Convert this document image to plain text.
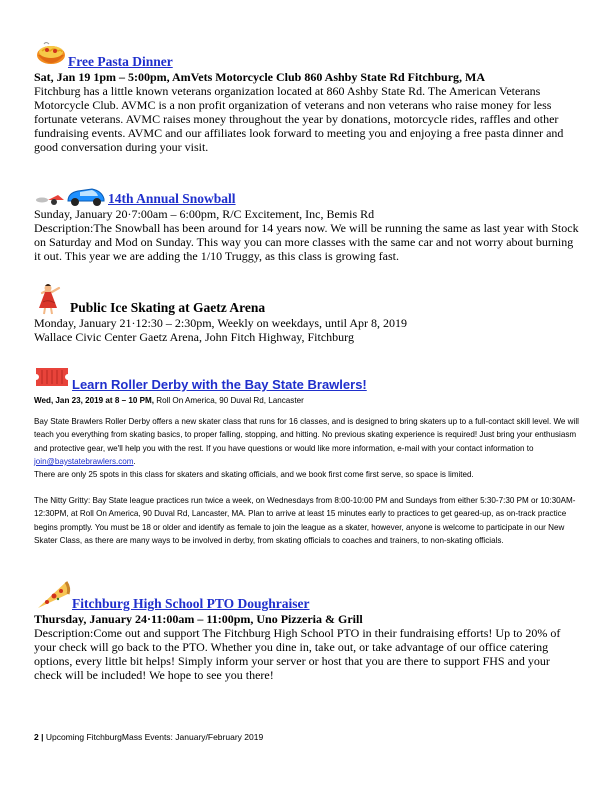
Free Pasta Dinner

Sat, Jan 19 1pm – 5:00pm, AmVets Motorcycle Club 860 Ashby State Rd Fitchburg, MA

Fitchburg has a little known veterans organization located at 860 Ashby State Rd. The American Veterans Motorcycle Club. AVMC is a non profit organization of veterans and non veterans who raise money for less fortunate veterans. AVMC raises money throughout the year by donations, motorcycle rides, raffles and other fundraising events. AVMC and our affiliates look forward to meeting you and enjoying a free pasta dinner and good conversation during your visit.

14th Annual Snowball

Sunday, January 20·7:00am – 6:00pm, R/C Excitement, Inc, Bemis Rd

Description:The Snowball has been around for 14 years now. We will be running the same as last year with Stock on Saturday and Mod on Sunday. This way you can more classes with the same car and not worry about burning it out. This year we are adding the 1/10 Truggy, as this class is growing fast.

Public Ice Skating at Gaetz Arena

Monday, January 21·12:30 – 2:30pm, Weekly on weekdays, until Apr 8, 2019

Wallace Civic Center Gaetz Arena, John Fitch Highway, Fitchburg

Learn Roller Derby with the Bay State Brawlers!

Wed, Jan 23, 2019 at 8 – 10 PM, Roll On America, 90 Duval Rd, Lancaster

Bay State Brawlers Roller Derby offers a new skater class that runs for 16 classes, and is designed to bring skaters up to a full-contact skill level. We will teach you everything from skating basics, to proper falling, stopping, and hitting. No previous skating experience is required! Just bring your enthusiasm and protective gear, we'll help you with the rest. If you have questions or would like more information, e-mail with your contact information to join@baystatebrawlers.com.

There are only 25 spots in this class for skaters and skating officials, and we book first come first serve, so space is limited.

The Nitty Gritty: Bay State league practices run twice a week, on Wednesdays from 8:00-10:00 PM and Sundays from either 5:30-7:30 PM or 10:30AM-12:30PM, at Roll On America, 90 Duval Rd, Lancaster, MA. Plan to arrive at least 15 minutes early to practices to get geared-up, as on-track practice begins promptly. You must be 18 or older and identify as female to join the league as a skater, however, anyone is welcome to participate in our New Skater Class, as there are many ways to be involved in derby, from skating officials to coaches and trainers, to non-skating officials.

Fitchburg High School PTO Doughraiser

Thursday, January 24·11:00am – 11:00pm, Uno Pizzeria & Grill

Description:Come out and support The Fitchburg High School PTO in their fundraising efforts! Up to 20% of your check will go back to the PTO. Whether you dine in, take out, or take advantage of our office catering options, every little bit helps! Simply inform your server or host that you are there to support FHS and your check will be included! We hope to see you there!

2 | Upcoming FitchburgMass Events: January/February 2019
